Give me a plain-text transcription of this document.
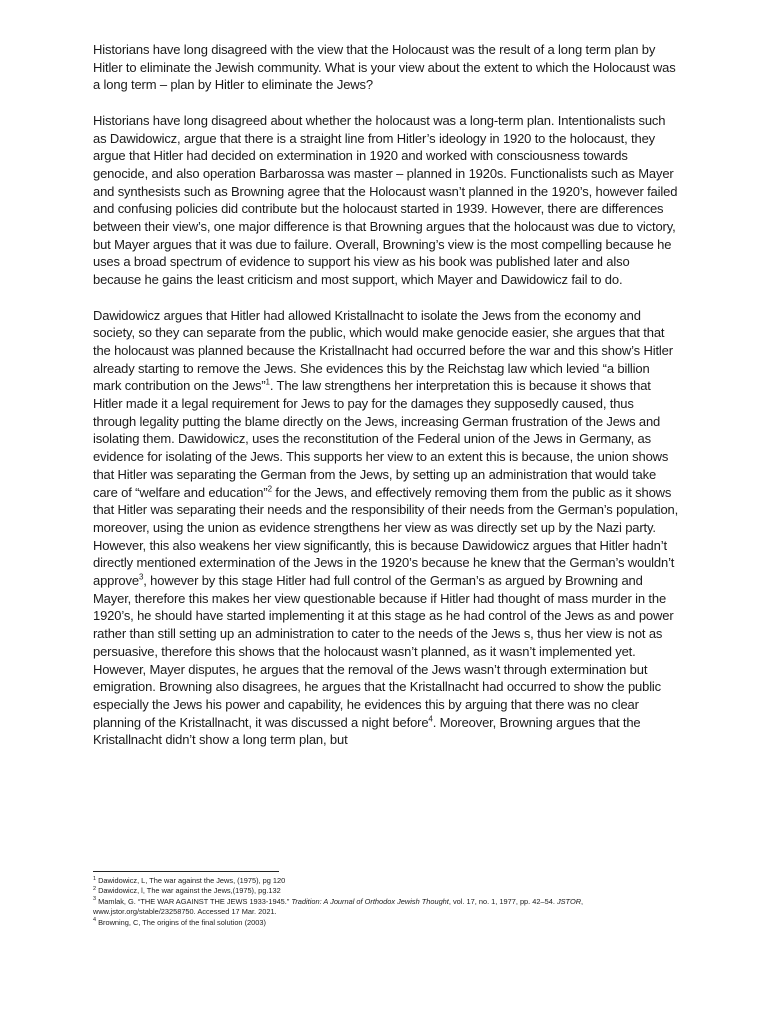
Historians have long disagreed with the view that the Holocaust was the result of a long term plan by Hitler to eliminate the Jewish community. What is your view about the extent to which the Holocaust was a long term – plan by Hitler to eliminate the Jews?

Historians have long disagreed about whether the holocaust was a long-term plan. Intentionalists such as Dawidowicz, argue that there is a straight line from Hitler’s ideology in 1920 to the holocaust, they argue that Hitler had decided on extermination in 1920 and worked with consciousness towards genocide, and also operation Barbarossa was master – planned in 1920s. Functionalists such as Mayer and synthesists such as Browning agree that the Holocaust wasn’t planned in the 1920’s, however failed and confusing policies did contribute but the holocaust started in 1939. However, there are differences between their view’s, one major difference is that Browning argues that the holocaust was due to victory, but Mayer argues that it was due to failure. Overall, Browning’s view is the most compelling because he uses a broad spectrum of evidence to support his view as his book was published later and also because he gains the least criticism and most support, which Mayer and Dawidowicz fail to do.

Dawidowicz argues that Hitler had allowed Kristallnacht to isolate the Jews from the economy and society, so they can separate from the public, which would make genocide easier, she argues that that the holocaust was planned because the Kristallnacht had occurred before the war and this show’s Hitler already starting to remove the Jews. She evidences this by the Reichstag law which levied “a billion mark contribution on the Jews”$^1$. The law strengthens her interpretation this is because it shows that Hitler made it a legal requirement for Jews to pay for the damages they supposedly caused, thus through legality putting the blame directly on the Jews, increasing German frustration of the Jews and isolating them. Dawidowicz, uses the reconstitution of the Federal union of the Jews in Germany, as evidence for isolating of the Jews. This supports her view to an extent this is because, the union shows that Hitler was separating the German from the Jews, by setting up an administration that would take care of “welfare and education”$^2$ for the Jews, and effectively removing them from the public as it shows that Hitler was separating their needs and the responsibility of their needs from the German’s population, moreover, using the union as evidence strengthens her view as was directly set up by the Nazi party. However, this also weakens her view significantly, this is because Dawidowicz argues that Hitler hadn’t directly mentioned extermination of the Jews in the 1920’s because he knew that the German’s wouldn’t approve$^3$, however by this stage Hitler had full control of the German’s as argued by Browning and Mayer, therefore this makes her view questionable because if Hitler had thought of mass murder in the 1920’s, he should have started implementing it at this stage as he had control of the Jews as and power rather than still setting up an administration to cater to the needs of the Jews s, thus her view is not as persuasive, therefore this shows that the holocaust wasn’t planned, as it wasn’t implemented yet. However, Mayer disputes, he argues that the removal of the Jews wasn’t through extermination but emigration. Browning also disagrees, he argues that the Kristallnacht had occurred to show the public especially the Jews his power and capability, he evidences this by arguing that there was no clear planning of the Kristallnacht, it was discussed a night before$^4$. Moreover, Browning argues that the Kristallnacht didn’t show a long term plan, but

$^1$ Dawidowicz, L, The war against the Jews, (1975), pg 120

$^2$ Dawidowicz, l, The war against the Jews,(1975), pg.132

$^3$ Mamlak, G. “THE WAR AGAINST THE JEWS 1933-1945.” Tradition: A Journal of Orthodox Jewish Thought, vol. 17, no. 1, 1977, pp. 42–54. JSTOR, www.jstor.org/stable/23258750. Accessed 17 Mar. 2021.

$^4$ Browning, C, The origins of the final solution (2003)
